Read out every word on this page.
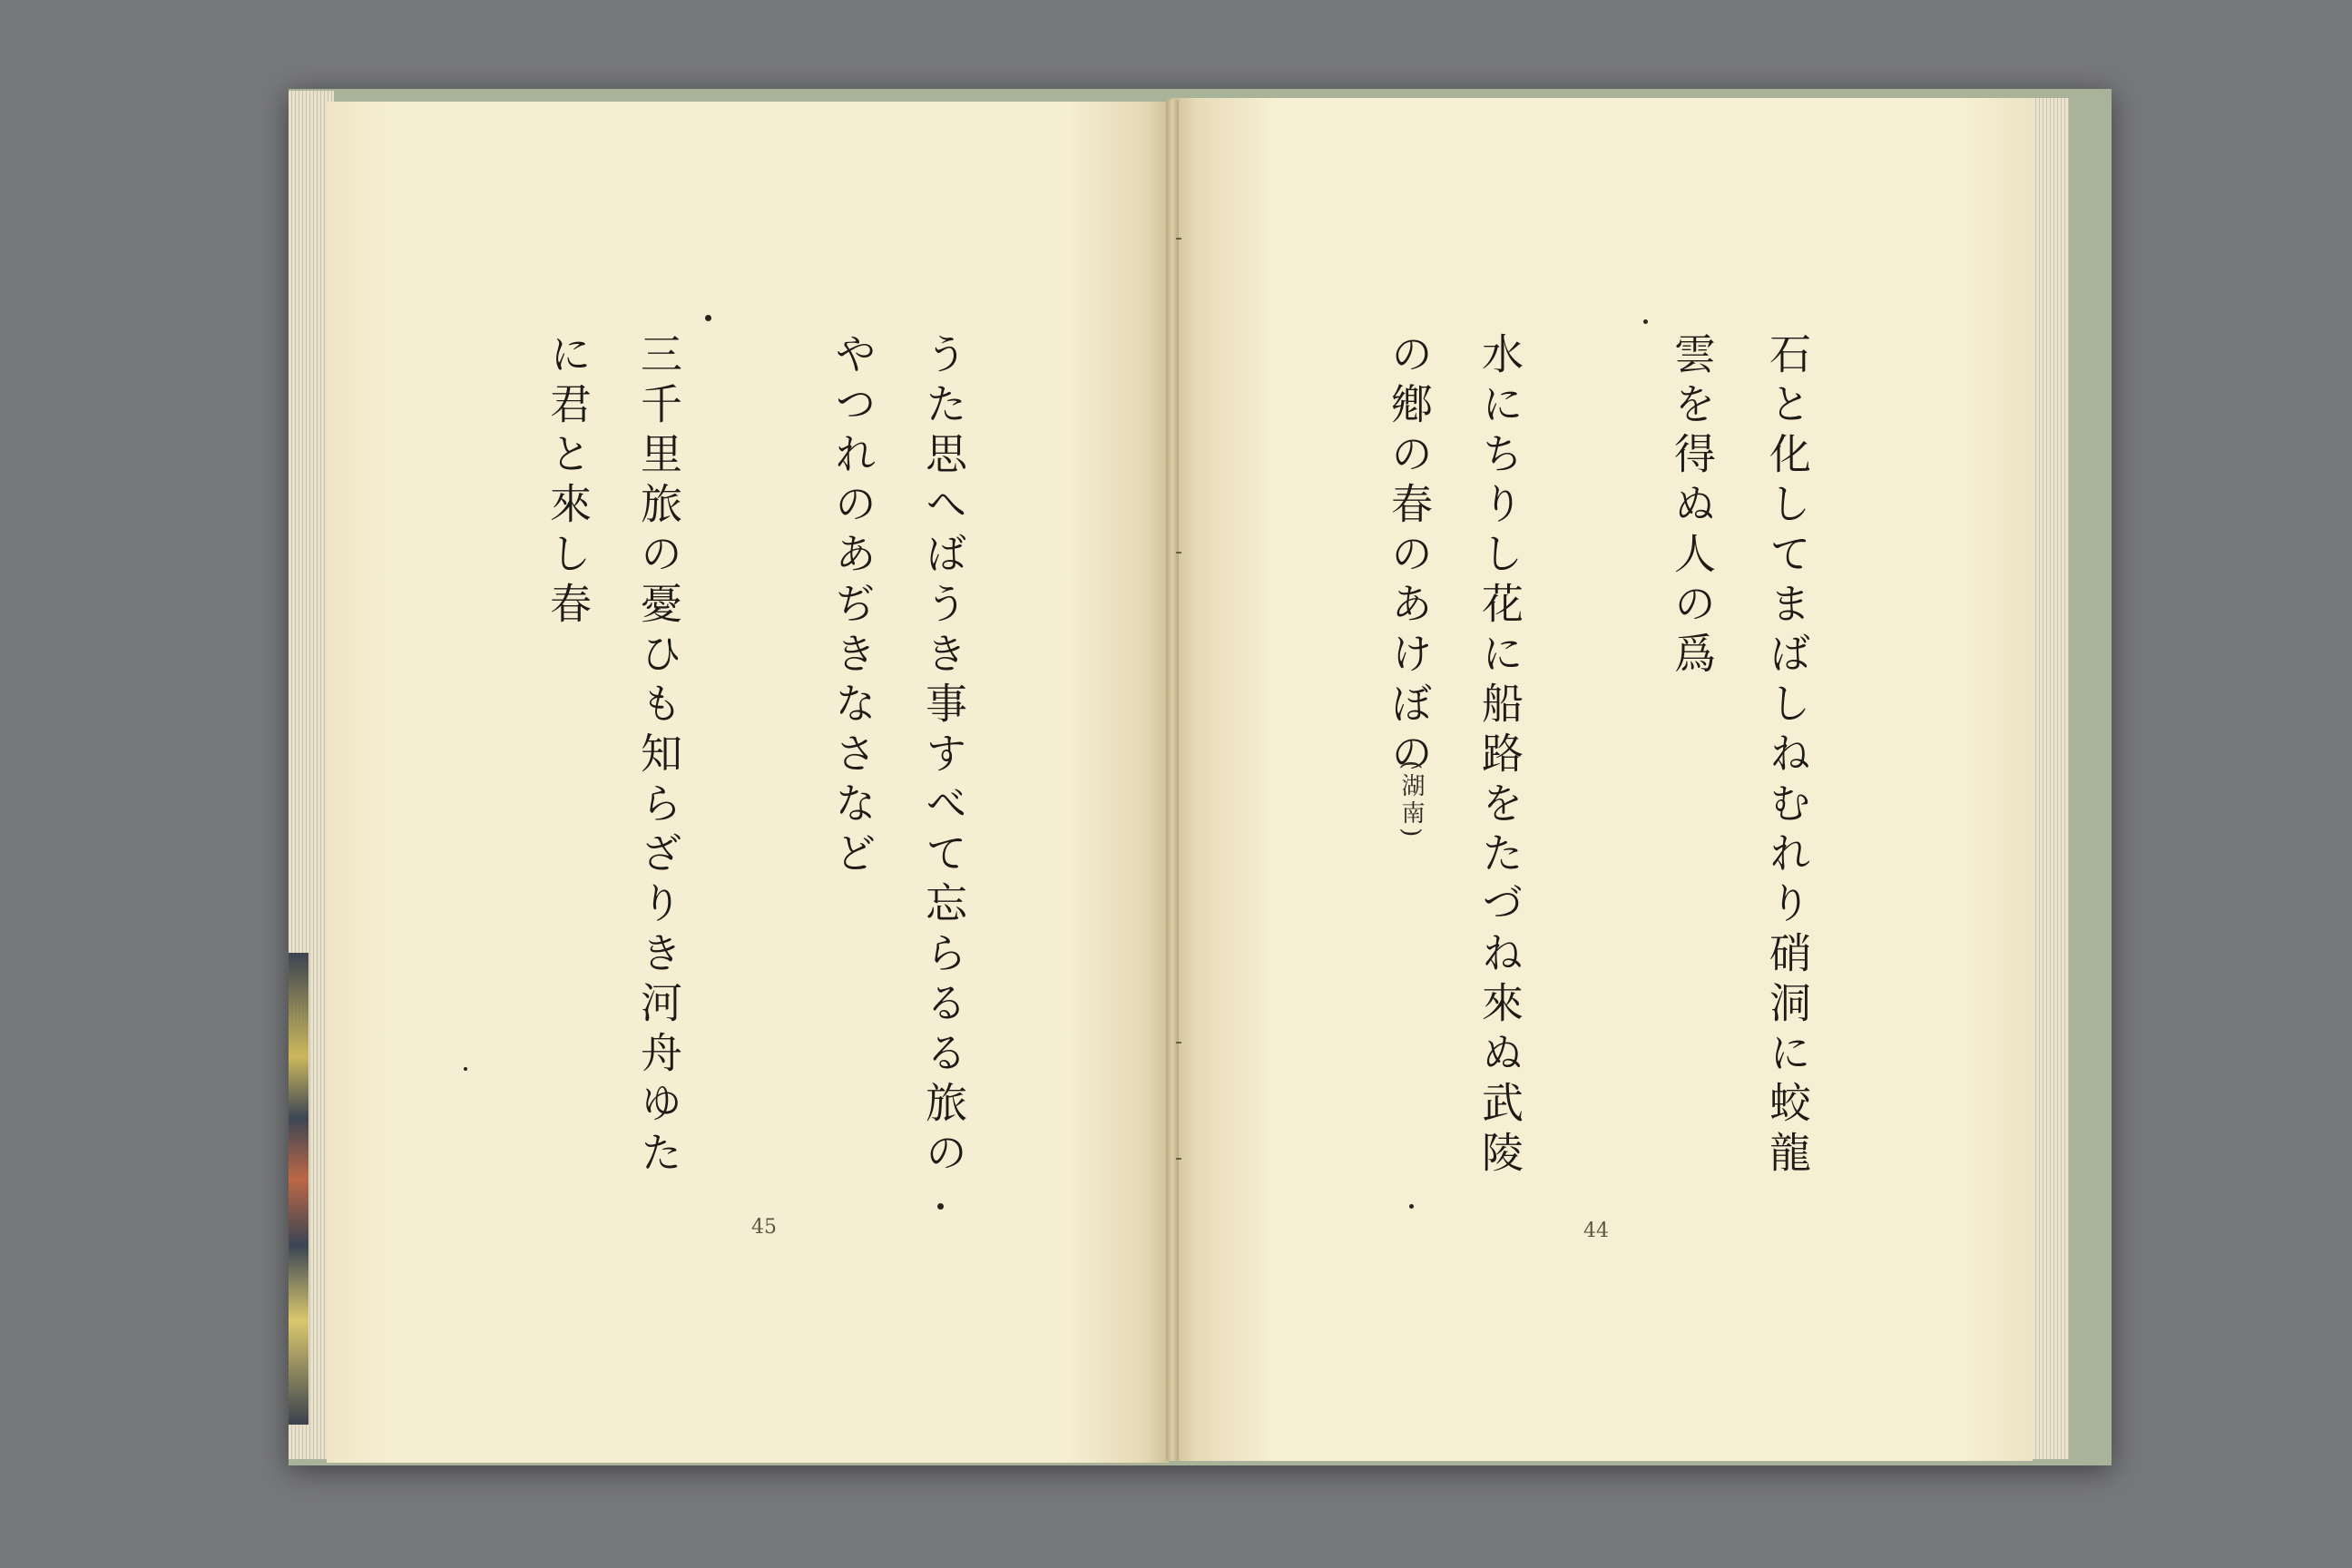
石と化してまばしねむれり硝洞に蛟龍
雲を得ぬ人の爲
水にちりし花に船路をたづね來ぬ武陵
の鄕の春のあけぼの
(湖南)
44
うた思へばうき事すべて忘らるる旅の
やつれのあぢきなさなど
三千里旅の憂ひも知らざりき河舟ゆた
に君と來し春
45
